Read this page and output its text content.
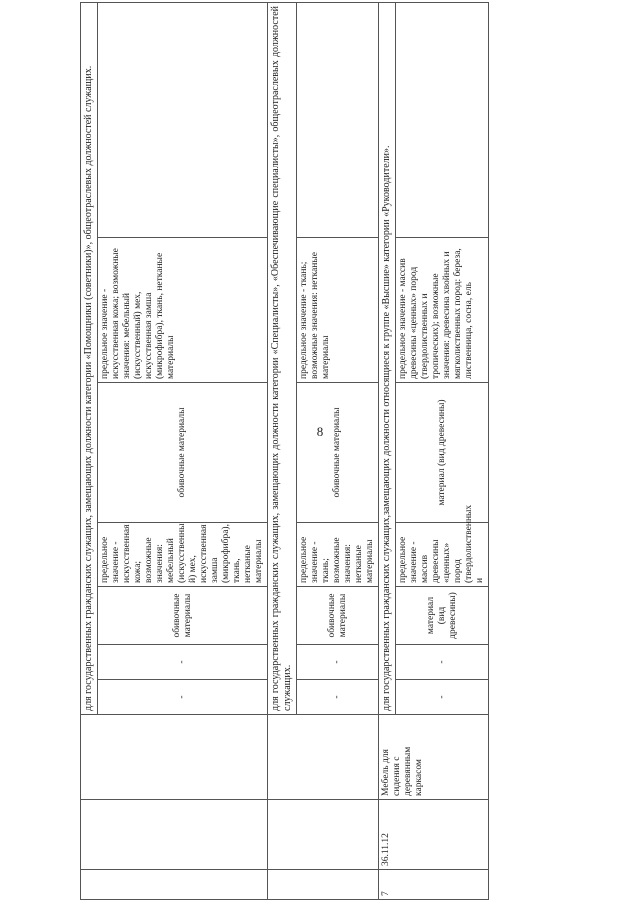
8
			для государственных гражданских служащих, замещающих должности категории «Помощники (советники)», общеотраслевых должностей служащих.						
			-	-	обивочные материалы	предельное значение - искусственная кожа; возможные значения: мебельный (искусственны й) мех, искусственная замша (микрофибра), ткань, нетканые материалы	обивочные материалы	предельное значение - искусственная кожа; возможные значения: мебельный (искусственный) мех, искусственная замша (микрофибра), ткань, нетканые материалы	
			для государственных гражданских служащих, замещающих должности категории «Специалисты», «Обеспечивающие специалисты», общеотраслевых должностей служащих.						
			-	-	обивочные материалы	предельное значение - ткань; возможные значения: нетканые материалы	обивочные материалы	предельное значение - ткань; возможные значения: нетканые материалы	
7	36.11.12	Мебель для сидения с деревянным каркасом	для государственных гражданских служащих,замещающих должности относящиеся к группе «Высшие» категории «Руководители».						
			-	-	материал (вид древесины)	предельное значение - массив древесины «ценных» пород (твердолиственных и	материал (вид древесины)	предельное значение - массив древесины «ценных» пород (твердолиственных и тропических); возможные значения: древесина хвойных и мягколиственных пород: береза, лиственница, сосна, ель	
